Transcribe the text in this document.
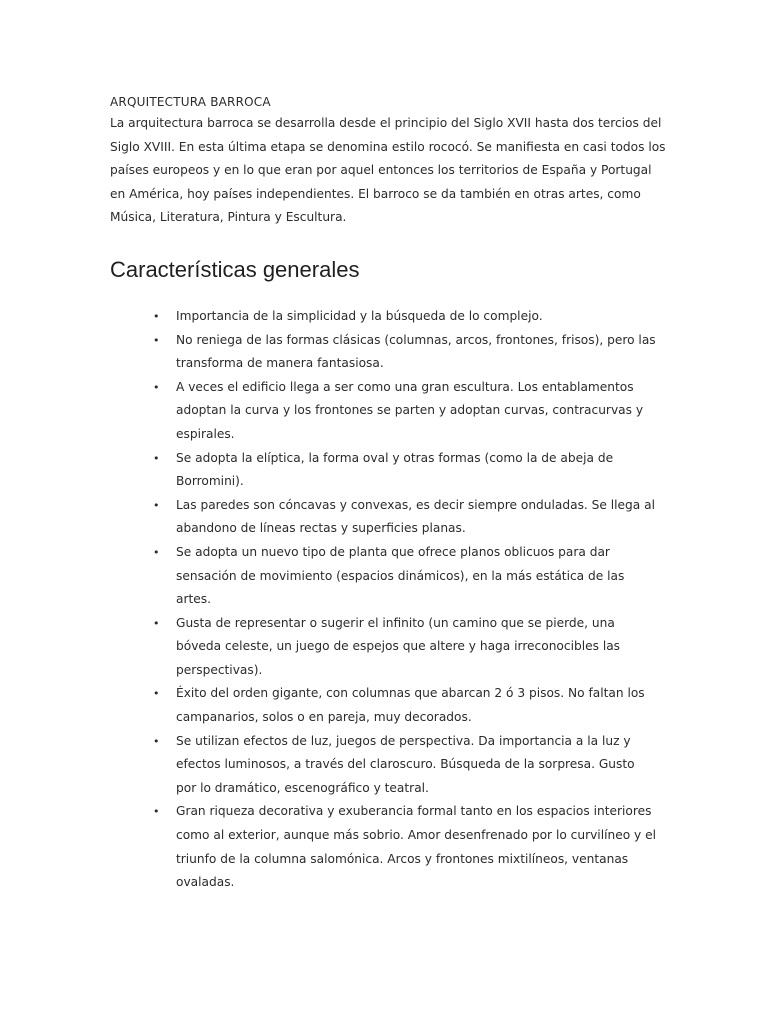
ARQUITECTURA BARROCA

La arquitectura barroca se desarrolla desde el principio del Siglo XVII hasta dos tercios del Siglo XVIII. En esta última etapa se denomina estilo rococó. Se manifiesta en casi todos los países europeos y en lo que eran por aquel entonces los territorios de España y Portugal en América, hoy países independientes. El barroco se da también en otras artes, como Música, Literatura, Pintura y Escultura.

Características generales
• Importancia de la simplicidad y la búsqueda de lo complejo.
• No reniega de las formas clásicas (columnas, arcos, frontones, frisos), pero las transforma de manera fantasiosa.
• A veces el edificio llega a ser como una gran escultura. Los entablamentos adoptan la curva y los frontones se parten y adoptan curvas, contracurvas y espirales.
• Se adopta la elíptica, la forma oval y otras formas (como la de abeja de Borromini).
• Las paredes son cóncavas y convexas, es decir siempre onduladas. Se llega al abandono de líneas rectas y superficies planas.
• Se adopta un nuevo tipo de planta que ofrece planos oblicuos para dar sensación de movimiento (espacios dinámicos), en la más estática de las artes.
• Gusta de representar o sugerir el infinito (un camino que se pierde, una bóveda celeste, un juego de espejos que altere y haga irreconocibles las perspectivas).
• Éxito del orden gigante, con columnas que abarcan 2 ó 3 pisos. No faltan los campanarios, solos o en pareja, muy decorados.
• Se utilizan efectos de luz, juegos de perspectiva. Da importancia a la luz y efectos luminosos, a través del claroscuro. Búsqueda de la sorpresa. Gusto por lo dramático, escenográfico y teatral.
• Gran riqueza decorativa y exuberancia formal tanto en los espacios interiores como al exterior, aunque más sobrio. Amor desenfrenado por lo curvilíneo y el triunfo de la columna salomónica. Arcos y frontones mixtilíneos, ventanas ovaladas.
